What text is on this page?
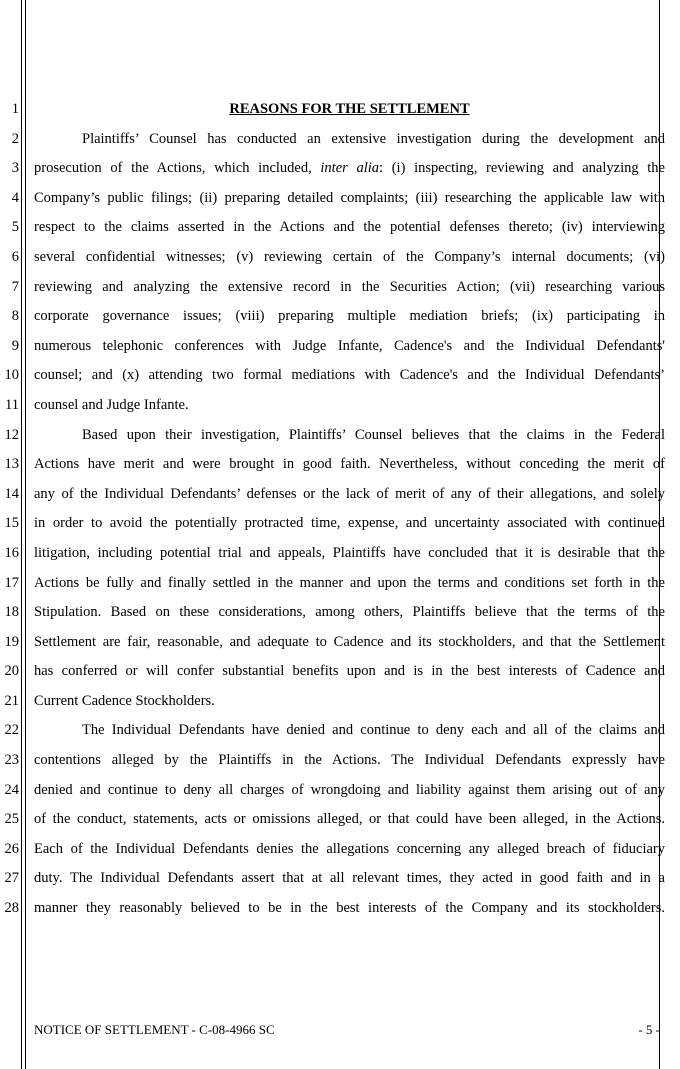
1
2
3
4
5
6
7
8
9
10
11
12
13
14
15
16
17
18
19
20
21
22
23
24
25
26
27
28
REASONS FOR THE SETTLEMENT
Plaintiffs’ Counsel has conducted an extensive investigation during the development and
prosecution of the Actions, which included, inter alia: (i) inspecting, reviewing and analyzing the
Company’s public filings; (ii) preparing detailed complaints; (iii) researching the applicable law with
respect to the claims asserted in the Actions and the potential defenses thereto; (iv) interviewing
several confidential witnesses; (v) reviewing certain of the Company’s internal documents; (vi)
reviewing and analyzing the extensive record in the Securities Action; (vii) researching various
corporate governance issues; (viii) preparing multiple mediation briefs; (ix) participating in
numerous telephonic conferences with Judge Infante, Cadence's and the Individual Defendants'
counsel; and (x) attending two formal mediations with Cadence's and the Individual Defendants’
counsel and Judge Infante.
Based upon their investigation, Plaintiffs’ Counsel believes that the claims in the Federal
Actions have merit and were brought in good faith. Nevertheless, without conceding the merit of
any of the Individual Defendants’ defenses or the lack of merit of any of their allegations, and solely
in order to avoid the potentially protracted time, expense, and uncertainty associated with continued
litigation, including potential trial and appeals, Plaintiffs have concluded that it is desirable that the
Actions be fully and finally settled in the manner and upon the terms and conditions set forth in the
Stipulation. Based on these considerations, among others, Plaintiffs believe that the terms of the
Settlement are fair, reasonable, and adequate to Cadence and its stockholders, and that the Settlement
has conferred or will confer substantial benefits upon and is in the best interests of Cadence and
Current Cadence Stockholders.
The Individual Defendants have denied and continue to deny each and all of the claims and
contentions alleged by the Plaintiffs in the Actions. The Individual Defendants expressly have
denied and continue to deny all charges of wrongdoing and liability against them arising out of any
of the conduct, statements, acts or omissions alleged, or that could have been alleged, in the Actions.
Each of the Individual Defendants denies the allegations concerning any alleged breach of fiduciary
duty. The Individual Defendants assert that at all relevant times, they acted in good faith and in a
manner they reasonably believed to be in the best interests of the Company and its stockholders.
NOTICE OF SETTLEMENT - C-08-4966 SC	- 5 -
